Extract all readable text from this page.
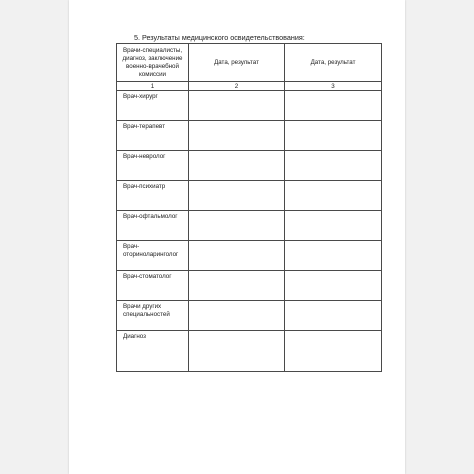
5. Результаты медицинского освидетельствования:
Врачи-специалисты, диагноз, заключение военно-врачебной комиссии	Дата, результат	Дата, результат
1	2	3
Врач-хирург		
Врач-терапевт		
Врач-невролог		
Врач-психиатр		
Врач-офтальмолог		
Врач-оториноларинголог		
Врач-стоматолог		
Врачи других специальностей		
Диагноз		
